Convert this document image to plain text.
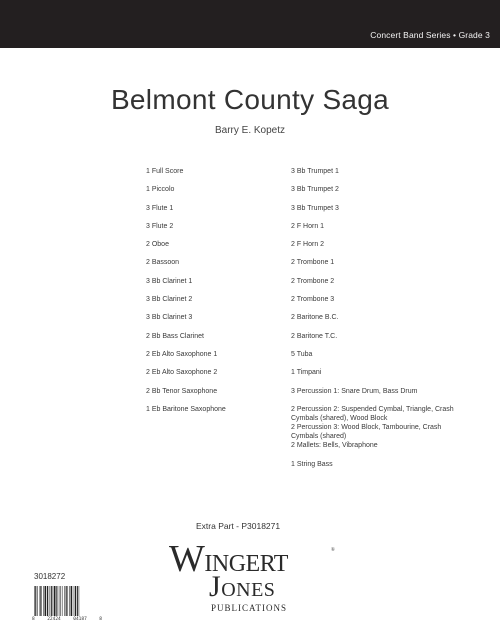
Concert Band Series • Grade 3
Belmont County Saga
Barry E. Kopetz
1 Full Score
1 Piccolo
3 Flute 1
3 Flute 2
2 Oboe
2 Bassoon
3 Bb Clarinet 1
3 Bb Clarinet 2
3 Bb Clarinet 3
2 Bb Bass Clarinet
2 Eb Alto Saxophone 1
2 Eb Alto Saxophone 2
2 Bb Tenor Saxophone
1 Eb Baritone Saxophone
3 Bb Trumpet 1
3 Bb Trumpet 2
3 Bb Trumpet 3
2 F Horn 1
2 F Horn 2
2 Trombone 1
2 Trombone 2
2 Trombone 3
2 Baritone B.C.
2 Baritone T.C.
5 Tuba
1 Timpani
3 Percussion 1: Snare Drum, Bass Drum
2 Percussion 2: Suspended Cymbal, Triangle, Crash Cymbals (shared), Wood Block
2 Percussion 3: Wood Block, Tambourine, Crash Cymbals (shared)
2 Mallets: Bells, Vibraphone
1 String Bass
Extra Part - P3018271
WINGERT
JONES
PUBLICATIONS
®
3018272
8	22424	04187	8
